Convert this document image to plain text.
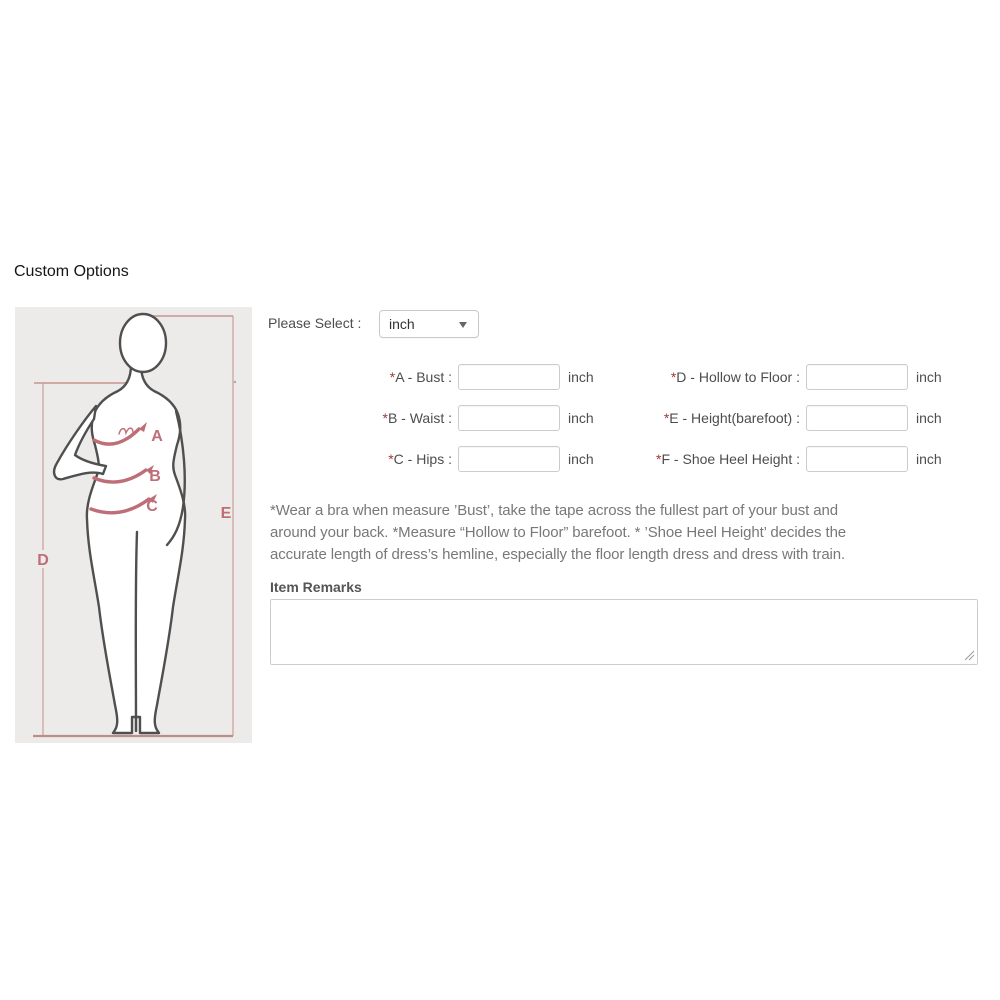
Custom Options
A
B
C
D
E
Please Select : inch
*A - Bust :	inch
*B - Waist :	inch
*C - Hips :	inch
*D - Hollow to Floor :	inch
*E - Height(barefoot) :	inch
*F - Shoe Heel Height :	inch
*Wear a bra when measure ’Bust’, take the tape across the fullest part of your bust and
around your back. *Measure “Hollow to Floor” barefoot. * ’Shoe Heel Height’ decides the
accurate length of dress’s hemline, especially the floor length dress and dress with train.
Item Remarks
